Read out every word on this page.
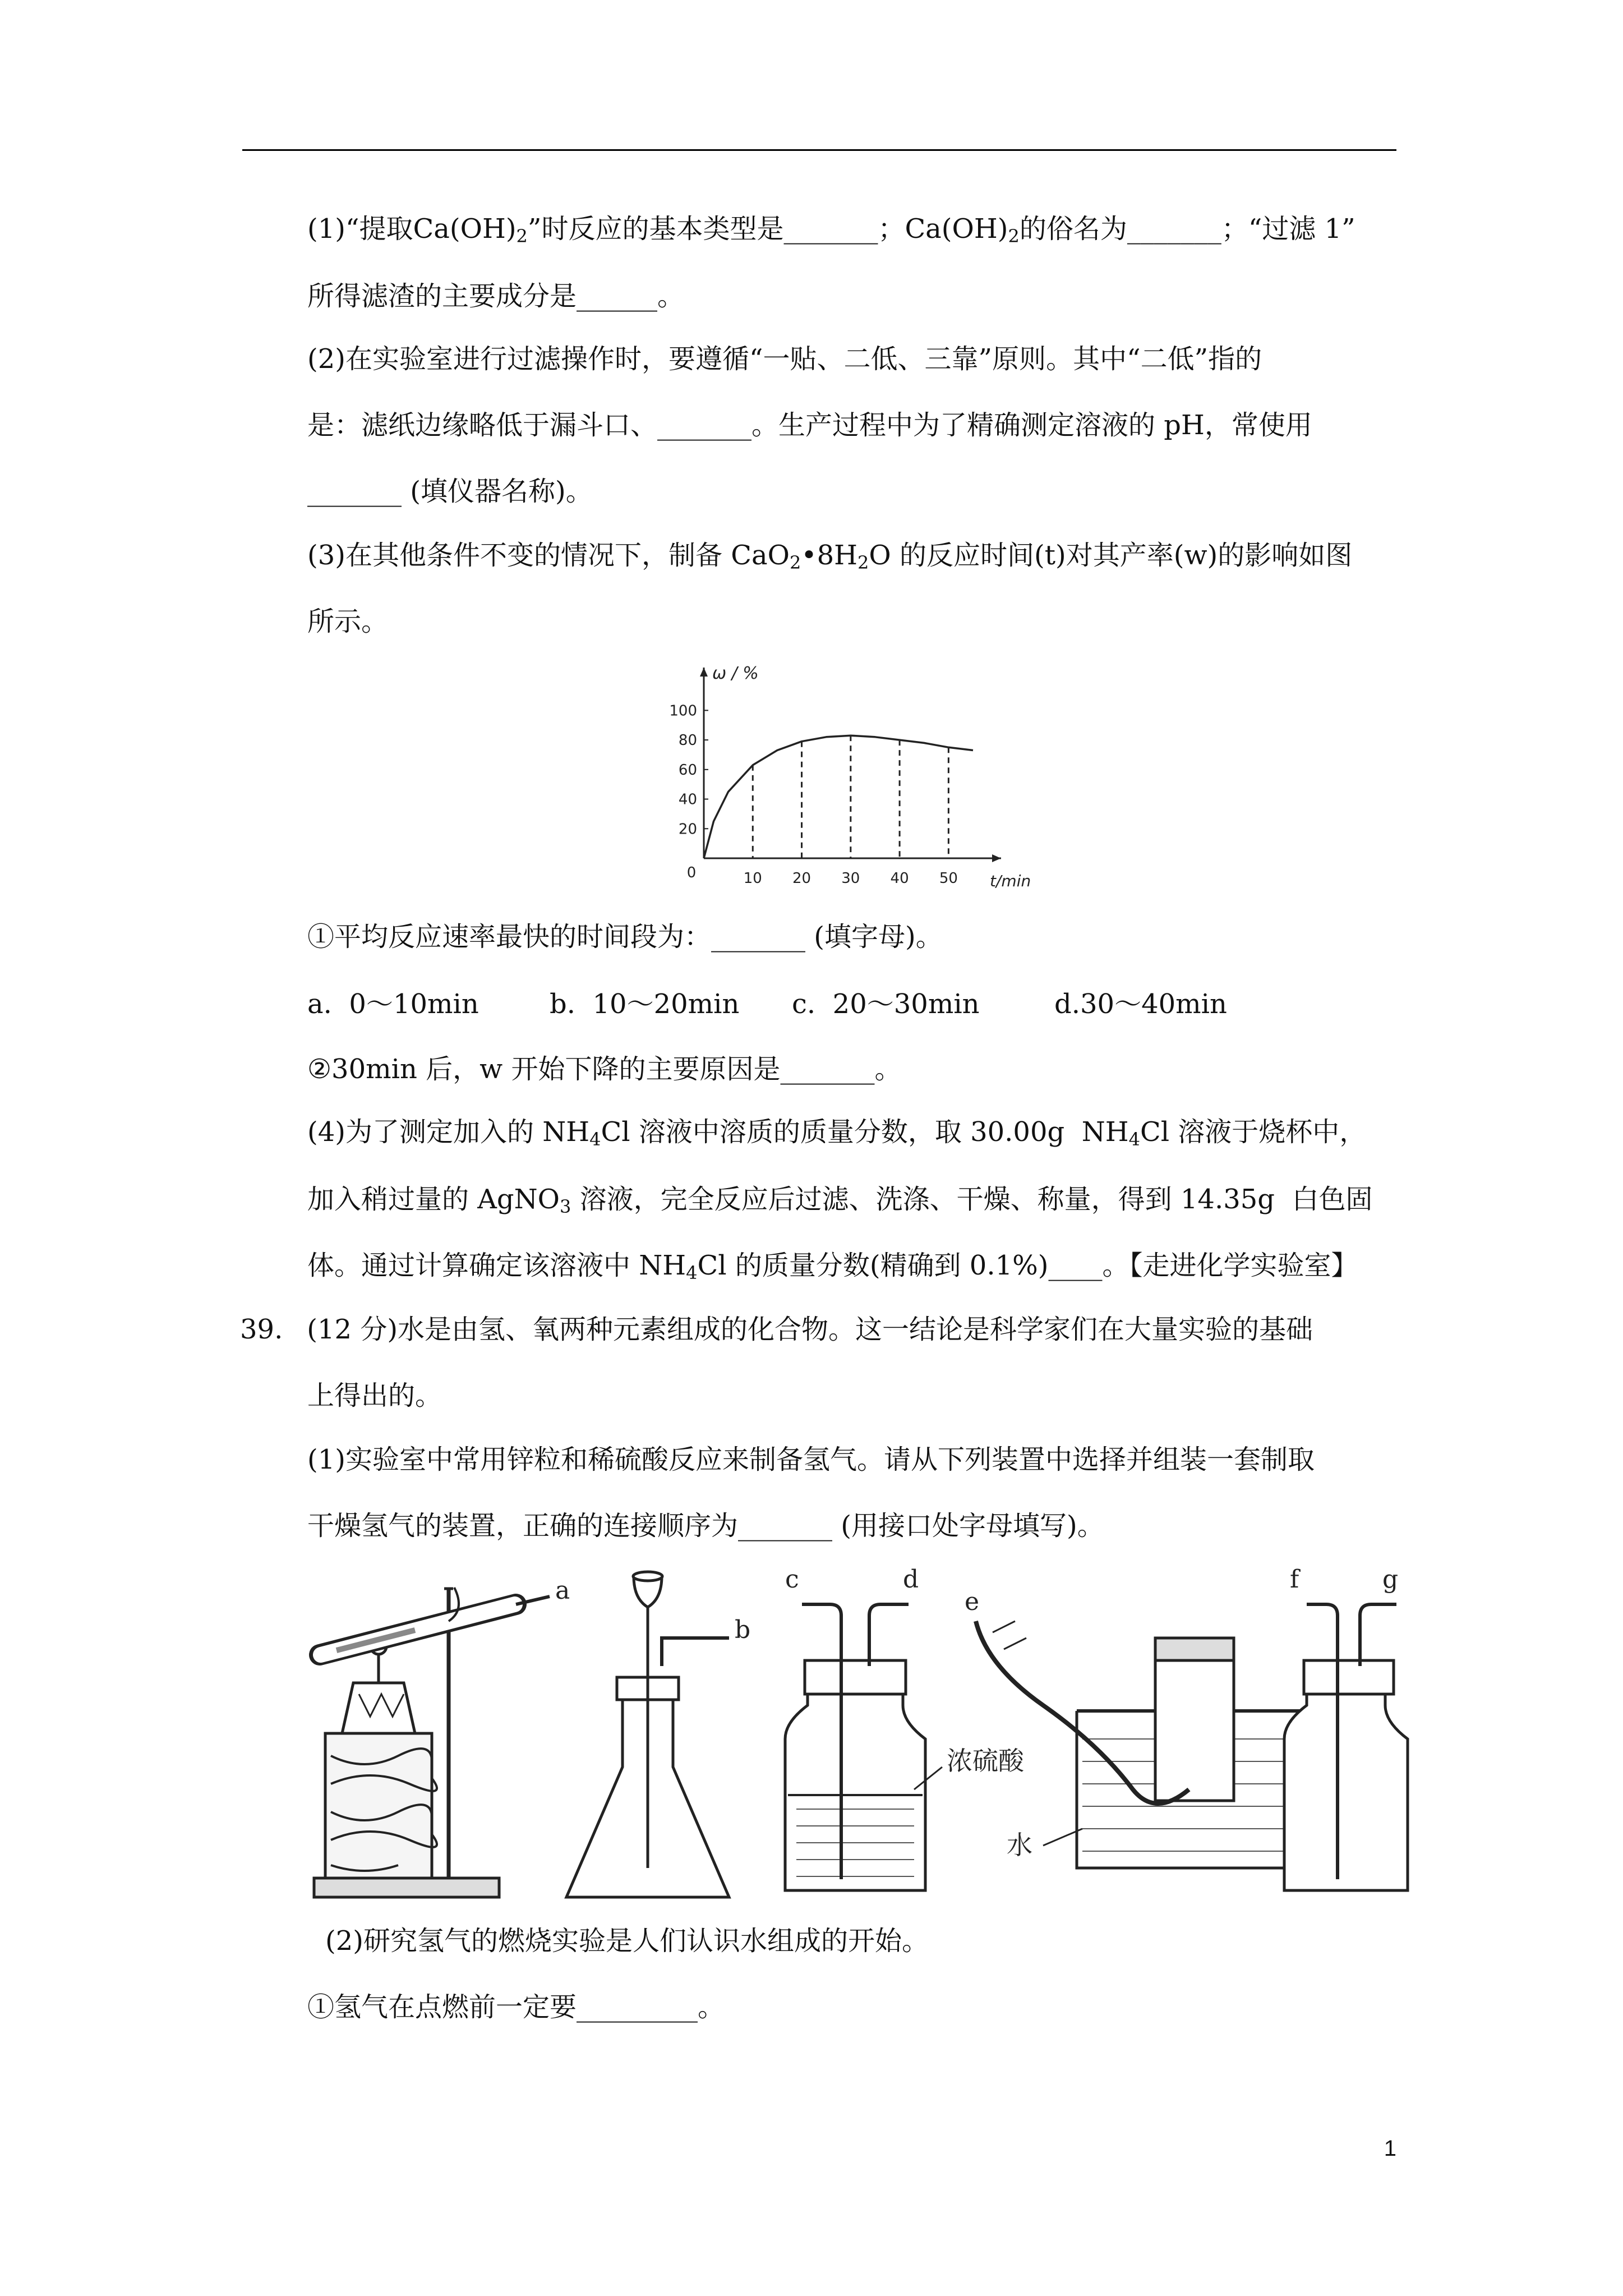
(1)“提取$Ca(OH)_2$”时反应的基本类型是_______；$Ca(OH)_2$的俗名为_______；“过滤 1”
所得滤渣的主要成分是______。
(2)在实验室进行过滤操作时，要遵循“一贴、二低、三靠”原则。其中“二低”指的
是：滤纸边缘略低于漏斗口、_______。生产过程中为了精确测定溶液的 pH，常使用
_______ (填仪器名称)。
(3)在其他条件不变的情况下，制备 $CaO_2•8H_2O$ 的反应时间(t)对其产率(w)的影响如图
所示。
20
40
60
80
100
10 20 30 40 50
0
ω / %
t/min
①平均反应速率最快的时间段为：_______ (填字母)。
a.  0～10min	b.  10～20min c.  20～30min	d.30～40min
②30min 后，w 开始下降的主要原因是_______。
(4)为了测定加入的 $NH_4Cl$ 溶液中溶质的质量分数，取 30.00g  $NH_4Cl$ 溶液于烧杯中，
加入稍过量的 AgNO$_3$ 溶液，完全反应后过滤、洗涤、干燥、称量，得到 14.35g  白色固
体。通过计算确定该溶液中 $NH_4Cl$ 的质量分数(精确到 0.1%)____。【走进化学实验室】
39. (12 分)水是由氢、氧两种元素组成的化合物。这一结论是科学家们在大量实验的基础
上得出的。
(1)实验室中常用锌粒和稀硫酸反应来制备氢气。请从下列装置中选择并组装一套制取
干燥氢气的装置，正确的连接顺序为_______ (用接口处字母填写)。
a
b
c	d
浓硫酸
e
水
f	g
(2)研究氢气的燃烧实验是人们认识水组成的开始。
①氢气在点燃前一定要_________。
1
